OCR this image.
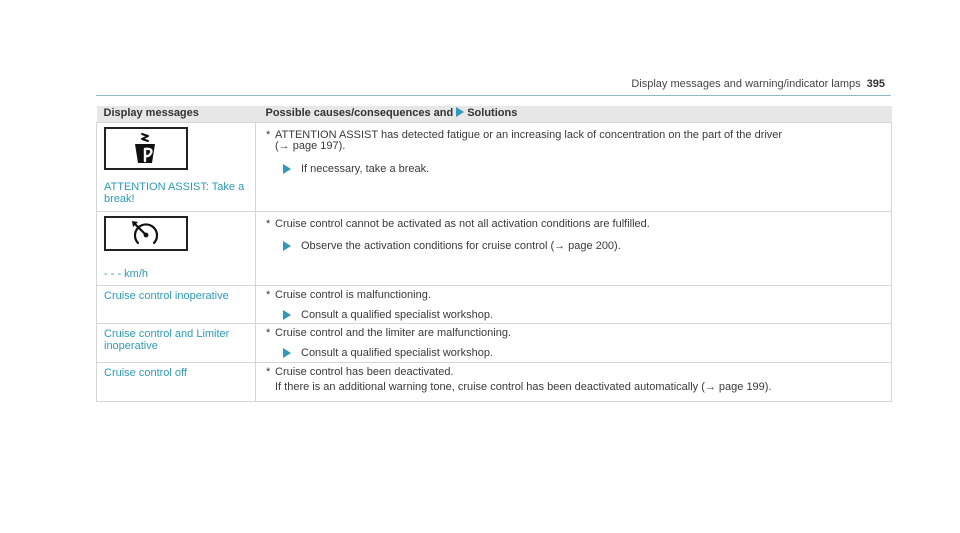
Display messages and warning/indicator lamps 395
Display messages	Possible causes/consequences and Solutions

ATTENTION ASSIST: Take a break!	* ATTENTION ASSIST has detected fatigue or an increasing lack of concentration on the part of the driver
(→ page 197).
If necessary, take a break.

- - - km/h	* Cruise control cannot be activated as not all activation conditions are fulfilled.
Observe the activation conditions for cruise control (→ page 200).

Cruise control inoperative	* Cruise control is malfunctioning.
Consult a qualified specialist workshop.

Cruise control and Limiter inoperative	* Cruise control and the limiter are malfunctioning.
Consult a qualified specialist workshop.

Cruise control off	* Cruise control has been deactivated.
If there is an additional warning tone, cruise control has been deactivated automatically (→ page 199).
